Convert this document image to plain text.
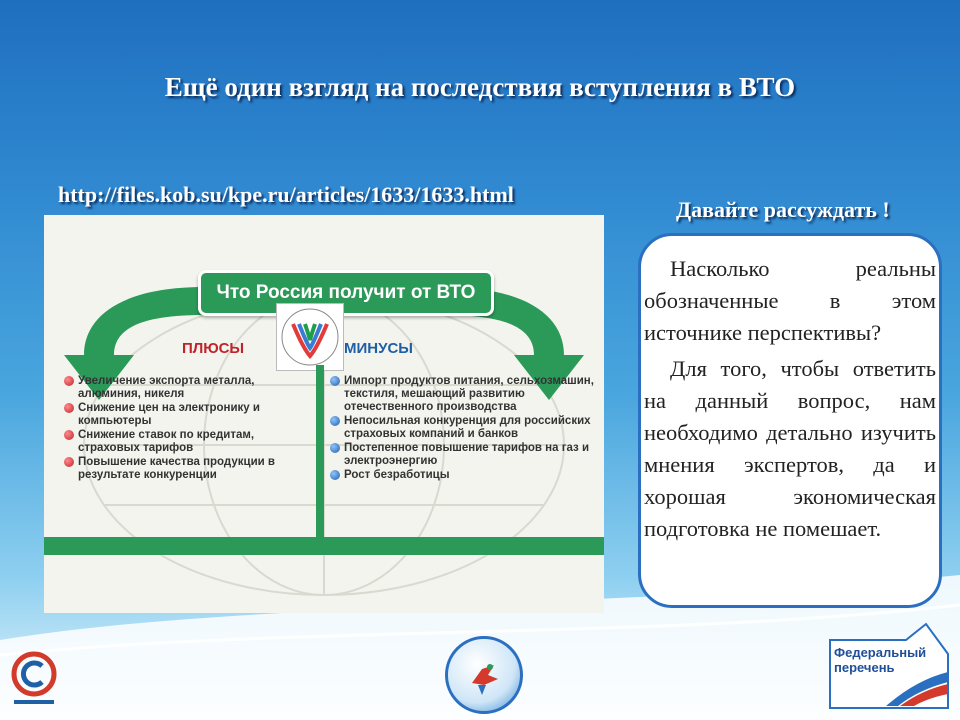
Ещё один взгляд на последствия вступления в ВТО
http://files.kob.su/kpe.ru/articles/1633/1633.html
Давайте рассуждать !
Что Россия получит от ВТО
ПЛЮСЫ	МИНУСЫ
Увеличение экспорта металла, алюминия, никеля
Снижение цен на электронику и компьютеры
Снижение ставок по кредитам, страховых тарифов
Повышение качества продукции в результате конкуренции
Импорт продуктов питания, сельхозмашин, текстиля, мешающий развитию отечественного производства
Непосильная конкуренция для российских страховых компаний и банков
Постепенное повышение тарифов на газ и электроэнергию
Рост безработицы

Насколько реальны обозначенные в этом источнике перспективы?

Для того, чтобы ответить на данный вопрос, нам необходимо детально изучить мнения экспертов, да и хорошая экономическая подготовка не помешает.

Федеральный перечень
